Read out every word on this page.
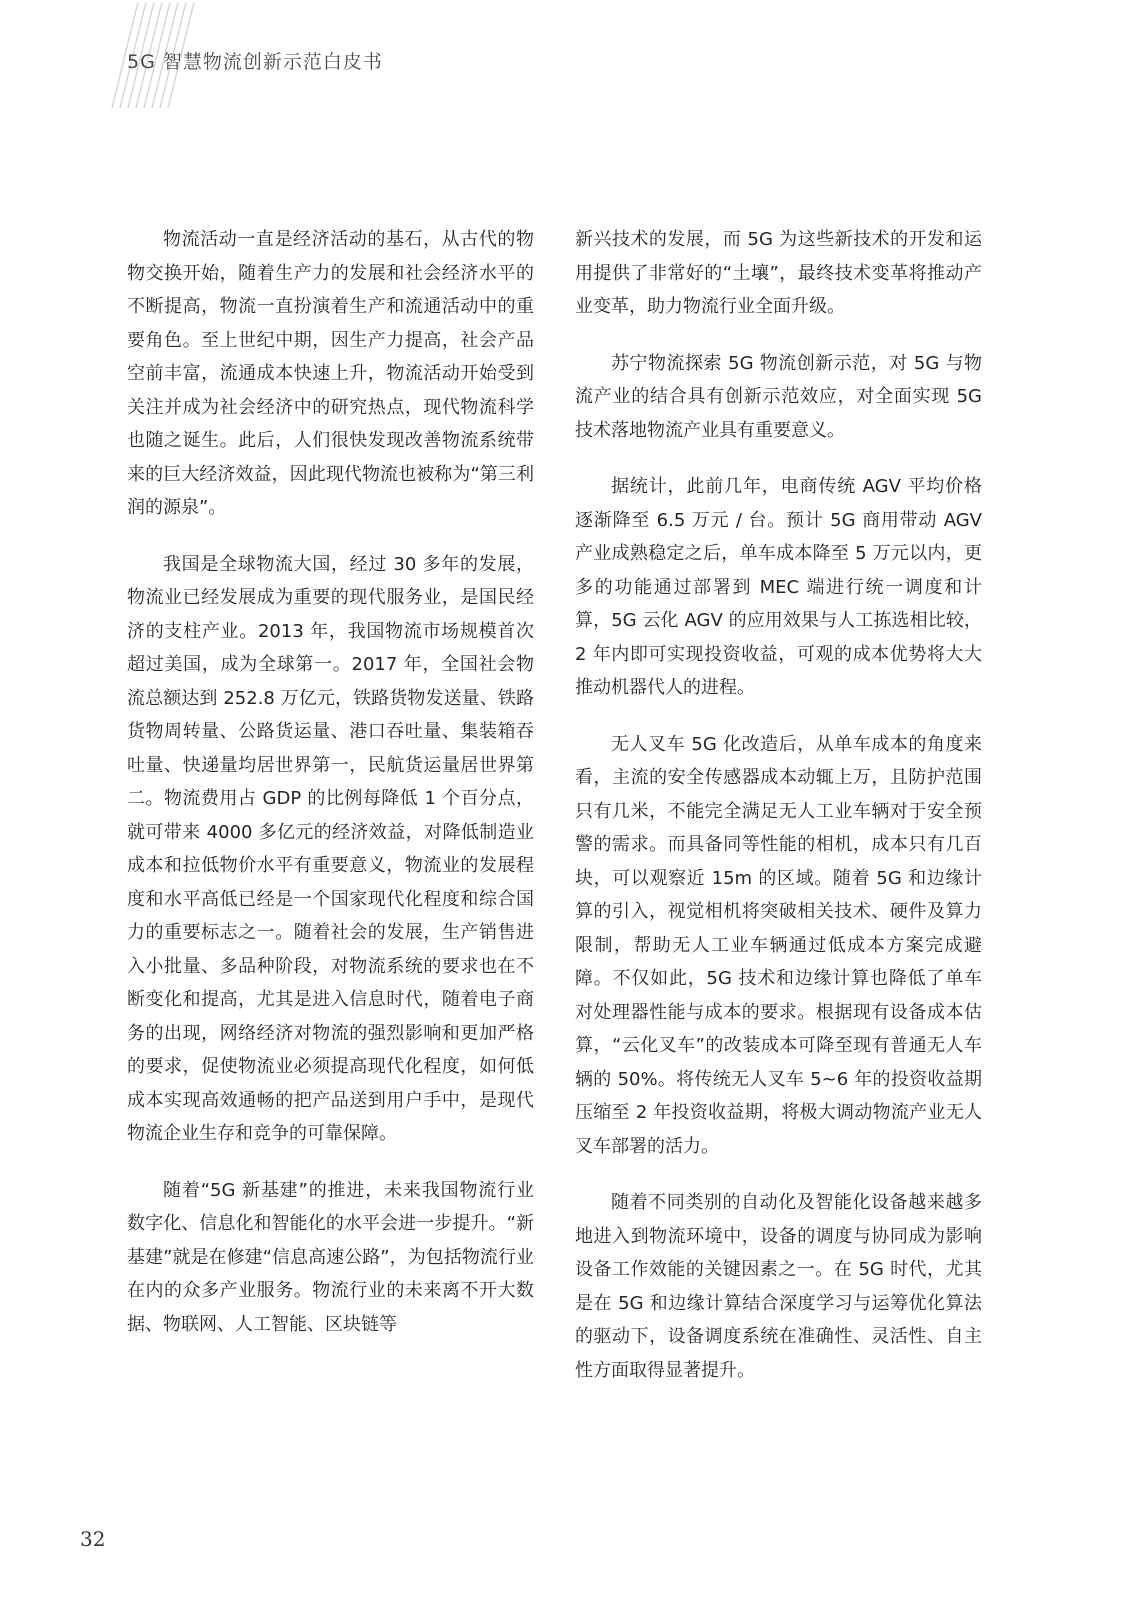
5G 智慧物流创新示范白皮书

物流活动一直是经济活动的基石，从古代的物物交换开始，随着生产力的发展和社会经济水平的不断提高，物流一直扮演着生产和流通活动中的重要角色。至上世纪中期，因生产力提高，社会产品空前丰富，流通成本快速上升，物流活动开始受到关注并成为社会经济中的研究热点，现代物流科学也随之诞生。此后，人们很快发现改善物流系统带来的巨大经济效益，因此现代物流也被称为“第三利润的源泉”。

我国是全球物流大国，经过 30 多年的发展，物流业已经发展成为重要的现代服务业，是国民经济的支柱产业。2013 年，我国物流市场规模首次超过美国，成为全球第一。2017 年，全国社会物流总额达到 252.8 万亿元，铁路货物发送量、铁路货物周转量、公路货运量、港口吞吐量、集装箱吞吐量、快递量均居世界第一，民航货运量居世界第二。物流费用占 GDP 的比例每降低 1 个百分点，就可带来 4000 多亿元的经济效益，对降低制造业成本和拉低物价水平有重要意义，物流业的发展程度和水平高低已经是一个国家现代化程度和综合国力的重要标志之一。随着社会的发展，生产销售进入小批量、多品种阶段，对物流系统的要求也在不断变化和提高，尤其是进入信息时代，随着电子商务的出现，网络经济对物流的强烈影响和更加严格的要求，促使物流业必须提高现代化程度，如何低成本实现高效通畅的把产品送到用户手中，是现代物流企业生存和竞争的可靠保障。

随着“5G 新基建”的推进，未来我国物流行业数字化、信息化和智能化的水平会进一步提升。“新基建”就是在修建“信息高速公路”，为包括物流行业在内的众多产业服务。物流行业的未来离不开大数据、物联网、人工智能、区块链等

新兴技术的发展，而 5G 为这些新技术的开发和运用提供了非常好的“土壤”，最终技术变革将推动产业变革，助力物流行业全面升级。

苏宁物流探索 5G 物流创新示范，对 5G 与物流产业的结合具有创新示范效应，对全面实现 5G 技术落地物流产业具有重要意义。

据统计，此前几年，电商传统 AGV 平均价格逐渐降至 6.5 万元 / 台。预计 5G 商用带动 AGV 产业成熟稳定之后，单车成本降至 5 万元以内，更多的功能通过部署到 MEC 端进行统一调度和计算，5G 云化 AGV 的应用效果与人工拣选相比较，2 年内即可实现投资收益，可观的成本优势将大大推动机器代人的进程。

无人叉车 5G 化改造后，从单车成本的角度来看，主流的安全传感器成本动辄上万，且防护范围只有几米，不能完全满足无人工业车辆对于安全预警的需求。而具备同等性能的相机，成本只有几百块，可以观察近 15m 的区域。随着 5G 和边缘计算的引入，视觉相机将突破相关技术、硬件及算力限制，帮助无人工业车辆通过低成本方案完成避障。不仅如此，5G 技术和边缘计算也降低了单车对处理器性能与成本的要求。根据现有设备成本估算，“云化叉车”的改装成本可降至现有普通无人车辆的 50%。将传统无人叉车 5~6 年的投资收益期压缩至 2 年投资收益期，将极大调动物流产业无人叉车部署的活力。

随着不同类别的自动化及智能化设备越来越多地进入到物流环境中，设备的调度与协同成为影响设备工作效能的关键因素之一。在 5G 时代，尤其是在 5G 和边缘计算结合深度学习与运筹优化算法的驱动下，设备调度系统在准确性、灵活性、自主性方面取得显著提升。

32
